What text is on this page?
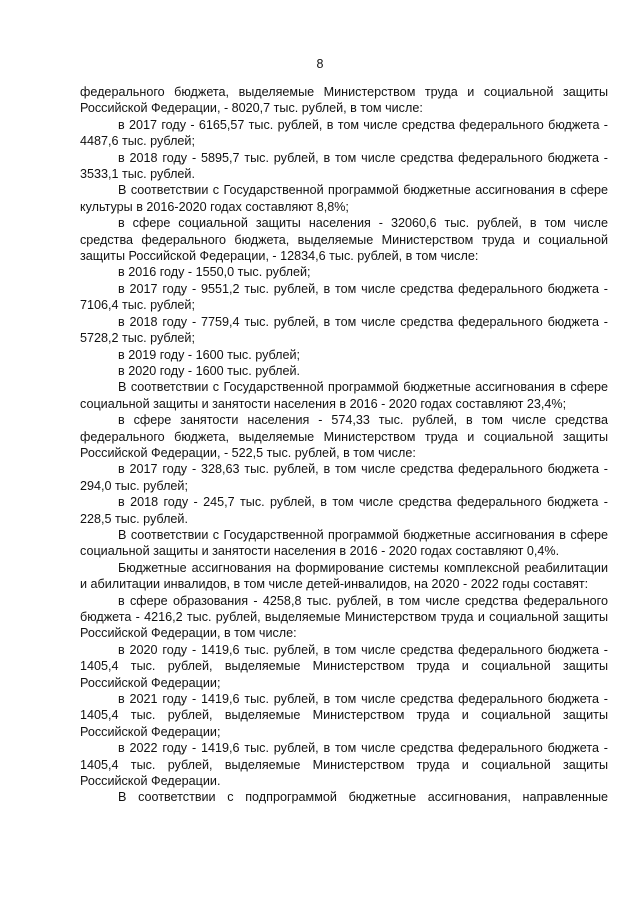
8

федерального бюджета, выделяемые Министерством труда и социальной защиты Российской Федерации, - 8020,7 тыс. рублей, в том числе:

в 2017 году - 6165,57 тыс. рублей, в том числе средства федерального бюджета - 4487,6 тыс. рублей;

в 2018 году - 5895,7 тыс. рублей, в том числе средства федерального бюджета - 3533,1 тыс. рублей.

В соответствии с Государственной программой бюджетные ассигнования в сфере культуры в 2016-2020 годах составляют 8,8%;

в сфере социальной защиты населения - 32060,6 тыс. рублей, в том числе средства федерального бюджета, выделяемые Министерством труда и социальной защиты Российской Федерации, - 12834,6 тыс. рублей, в том числе:

в 2016 году - 1550,0 тыс. рублей;

в 2017 году - 9551,2 тыс. рублей, в том числе средства федерального бюджета - 7106,4 тыс. рублей;

в 2018 году - 7759,4 тыс. рублей, в том числе средства федерального бюджета - 5728,2 тыс. рублей;

в 2019 году - 1600 тыс. рублей;

в 2020 году - 1600 тыс. рублей.

В соответствии с Государственной программой бюджетные ассигнования в сфере социальной защиты и занятости населения в 2016 - 2020 годах составляют 23,4%;

в сфере занятости населения - 574,33 тыс. рублей, в том числе средства федерального бюджета, выделяемые Министерством труда и социальной защиты Российской Федерации, - 522,5 тыс. рублей, в том числе:

в 2017 году - 328,63 тыс. рублей, в том числе средства федерального бюджета - 294,0 тыс. рублей;

в 2018 году - 245,7 тыс. рублей, в том числе средства федерального бюджета - 228,5 тыс. рублей.

В соответствии с Государственной программой бюджетные ассигнования в сфере социальной защиты и занятости населения в 2016 - 2020 годах составляют 0,4%.

Бюджетные ассигнования на формирование системы комплексной реабилитации и абилитации инвалидов, в том числе детей-инвалидов, на 2020 - 2022 годы составят:

в сфере образования - 4258,8 тыс. рублей, в том числе средства федерального бюджета - 4216,2 тыс. рублей, выделяемые Министерством труда и социальной защиты Российской Федерации, в том числе:

в 2020 году - 1419,6 тыс. рублей, в том числе средства федерального бюджета - 1405,4 тыс. рублей, выделяемые Министерством труда и социальной защиты Российской Федерации;

в 2021 году - 1419,6 тыс. рублей, в том числе средства федерального бюджета - 1405,4 тыс. рублей, выделяемые Министерством труда и социальной защиты Российской Федерации;

в 2022 году - 1419,6 тыс. рублей, в том числе средства федерального бюджета - 1405,4 тыс. рублей, выделяемые Министерством труда и социальной защиты Российской Федерации.

В соответствии с подпрограммой бюджетные ассигнования, направленные
